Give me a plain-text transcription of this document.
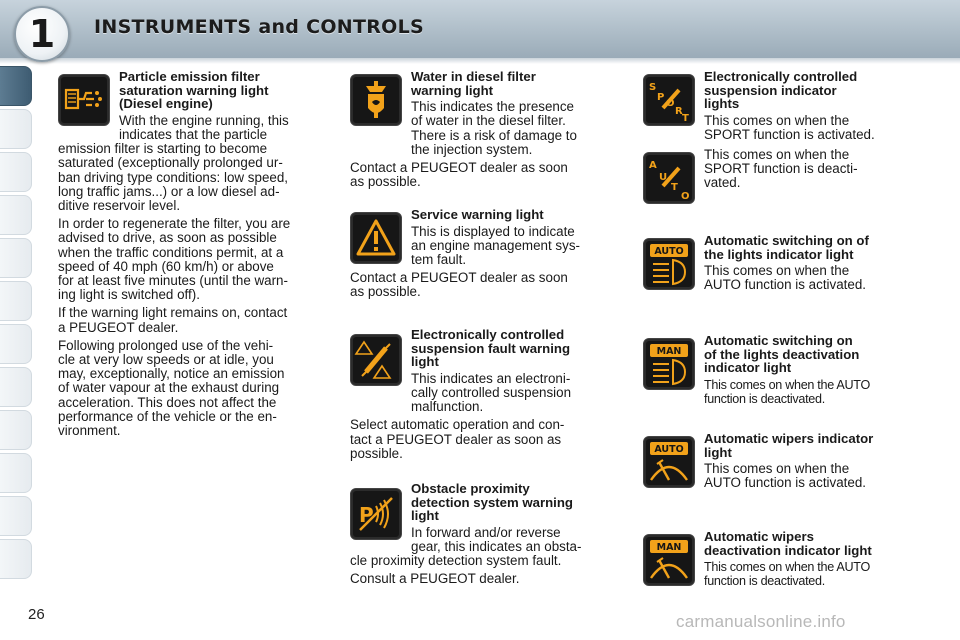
1	INSTRUMENTS and CONTROLS
Particle emission filter
saturation warning light
(Diesel engine)
With the engine running, this
indicates that the particle
emission filter is starting to become
saturated (exceptionally prolonged ur-
ban driving type conditions: low speed,
long traffic jams...) or a low diesel ad-
ditive reservoir level.
In order to regenerate the filter, you are
advised to drive, as soon as possible
when the traffic conditions permit, at a
speed of 40 mph (60 km/h) or above
for at least five minutes (until the warn-
ing light is switched off).
If the warning light remains on, contact
a PEUGEOT dealer.
Following prolonged use of the vehi-
cle at very low speeds or at idle, you
may, exceptionally, notice an emission
of water vapour at the exhaust during
acceleration. This does not affect the
performance of the vehicle or the en-
vironment.
Water in diesel filter
warning light
This indicates the presence
of water in the diesel filter.
There is a risk of damage to
the injection system.
Contact a PEUGEOT dealer as soon
as possible.
Service warning light
This is displayed to indicate
an engine management sys-
tem fault.
Contact a PEUGEOT dealer as soon
as possible.
Electronically controlled
suspension fault warning
light
This indicates an electroni-
cally controlled suspension
malfunction.
Select automatic operation and con-
tact a PEUGEOT dealer as soon as
possible.
P
Obstacle proximity
detection system warning
light
In forward and/or reverse
gear, this indicates an obsta-
cle proximity detection system fault.
Consult a PEUGEOT dealer.
S
P
O
R
T
Electronically controlled
suspension indicator
lights
This comes on when the
SPORT function is activated.
A
U
T
O
This comes on when the
SPORT function is deacti-
vated.
AUTO
Automatic switching on of
the lights indicator light
This comes on when the
AUTO function is activated.
MAN
Automatic switching on
of the lights deactivation
indicator light
This comes on when the AUTO
function is deactivated.
AUTO
Automatic wipers indicator
light
This comes on when the
AUTO function is activated.
MAN
Automatic wipers
deactivation indicator light
This comes on when the AUTO
function is deactivated.
26	carmanualsonline.info
